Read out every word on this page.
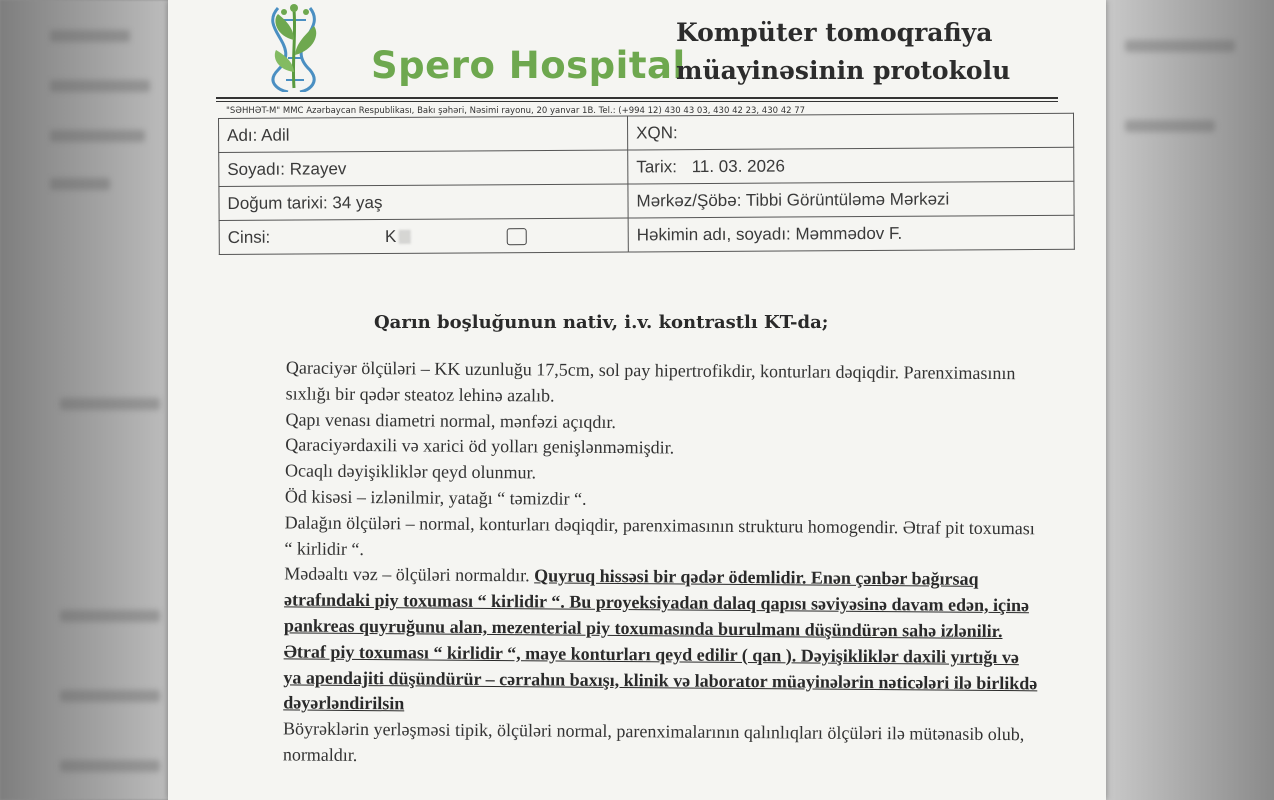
Spero Hospital
Kompüter tomoqrafiya
müayinəsinin protokolu
"SƏHHƏT-M" MMC Azərbaycan Respublikası, Bakı şəhəri, Nəsimi rayonu, 20 yanvar 1B. Tel.: (+994 12) 430 43 03, 430 42 23, 430 42 77
Adı: Adil	XQN:
Soyadı: Rzayev	Tarix: 11. 03. 2026
Doğum tarixi: 34 yaş	Mərkəz/Şöbə: Tibbi Görüntüləmə Mərkəzi
Cinsi: K	Həkimin adı, soyadı: Məmmədov F.
Qarın boşluğunun nativ, i.v. kontrastlı KT-da;

Qaraciyər ölçüləri – KK uzunluğu 17,5cm, sol pay hipertrofikdir, konturları dəqiqdir. Parenximasının sıxlığı bir qədər steatoz lehinə azalıb.

Qapı venası diametri normal, mənfəzi açıqdır.

Qaraciyərdaxili və xarici öd yolları genişlənməmişdir.

Ocaqlı dəyişikliklər qeyd olunmur.

Öd kisəsi – izlənilmir, yatağı “ təmizdir “.

Dalağın ölçüləri – normal, konturları dəqiqdir, parenximasının strukturu homogendir. Ətraf pit toxuması “ kirlidir “.

Mədəaltı vəz – ölçüləri normaldır. Quyruq hissəsi bir qədər ödemlidir. Enən çənbər bağırsaq ətrafındaki piy toxuması “ kirlidir “. Bu proyeksiyadan dalaq qapısı səviyəsinə davam edən, içinə pankreas quyruğunu alan, mezenterial piy toxumasında burulmanı düşündürən sahə izlənilir. Ətraf piy toxuması “ kirlidir “, maye konturları qeyd edilir ( qan ). Dəyişikliklər daxili yırtığı və ya apendajiti düşündürür – cərrahın baxışı, klinik və laborator müayinələrin nəticələri ilə birlikdə dəyərləndirilsin

Böyrəklərin yerləşməsi tipik, ölçüləri normal, parenximalarının qalınlıqları ölçüləri ilə mütənasib olub, normaldır.
